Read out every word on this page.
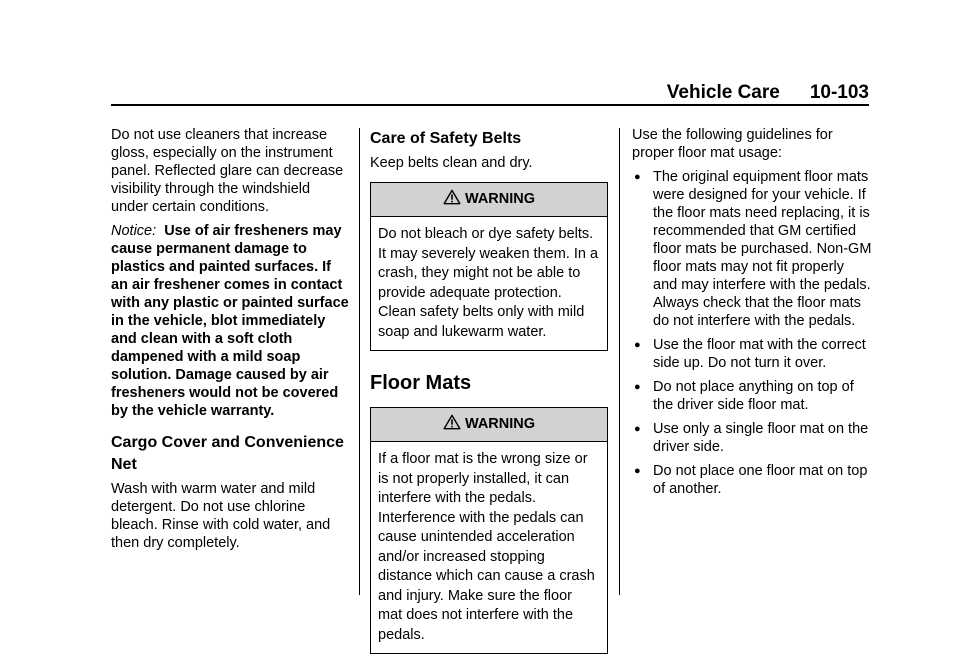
Vehicle Care 10-103

Do not use cleaners that increase gloss, especially on the instrument panel. Reflected glare can decrease visibility through the windshield under certain conditions.

Notice: Use of air fresheners may cause permanent damage to plastics and painted surfaces. If an air freshener comes in contact with any plastic or painted surface in the vehicle, blot immediately and clean with a soft cloth dampened with a mild soap solution. Damage caused by air fresheners would not be covered by the vehicle warranty.

Cargo Cover and Convenience Net

Wash with warm water and mild detergent. Do not use chlorine bleach. Rinse with cold water, and then dry completely.

Care of Safety Belts

Keep belts clean and dry.

WARNING
Do not bleach or dye safety belts. It may severely weaken them. In a crash, they might not be able to provide adequate protection. Clean safety belts only with mild soap and lukewarm water.
Floor Mats
WARNING
If a floor mat is the wrong size or is not properly installed, it can interfere with the pedals. Interference with the pedals can cause unintended acceleration and/or increased stopping distance which can cause a crash and injury. Make sure the floor mat does not interfere with the pedals.

Use the following guidelines for proper floor mat usage:

● The original equipment floor mats were designed for your vehicle. If the floor mats need replacing, it is recommended that GM certified floor mats be purchased. Non-GM floor mats may not fit properly and may interfere with the pedals. Always check that the floor mats do not interfere with the pedals.
● Use the floor mat with the correct side up. Do not turn it over.
● Do not place anything on top of the driver side floor mat.
● Use only a single floor mat on the driver side.
● Do not place one floor mat on top of another.
